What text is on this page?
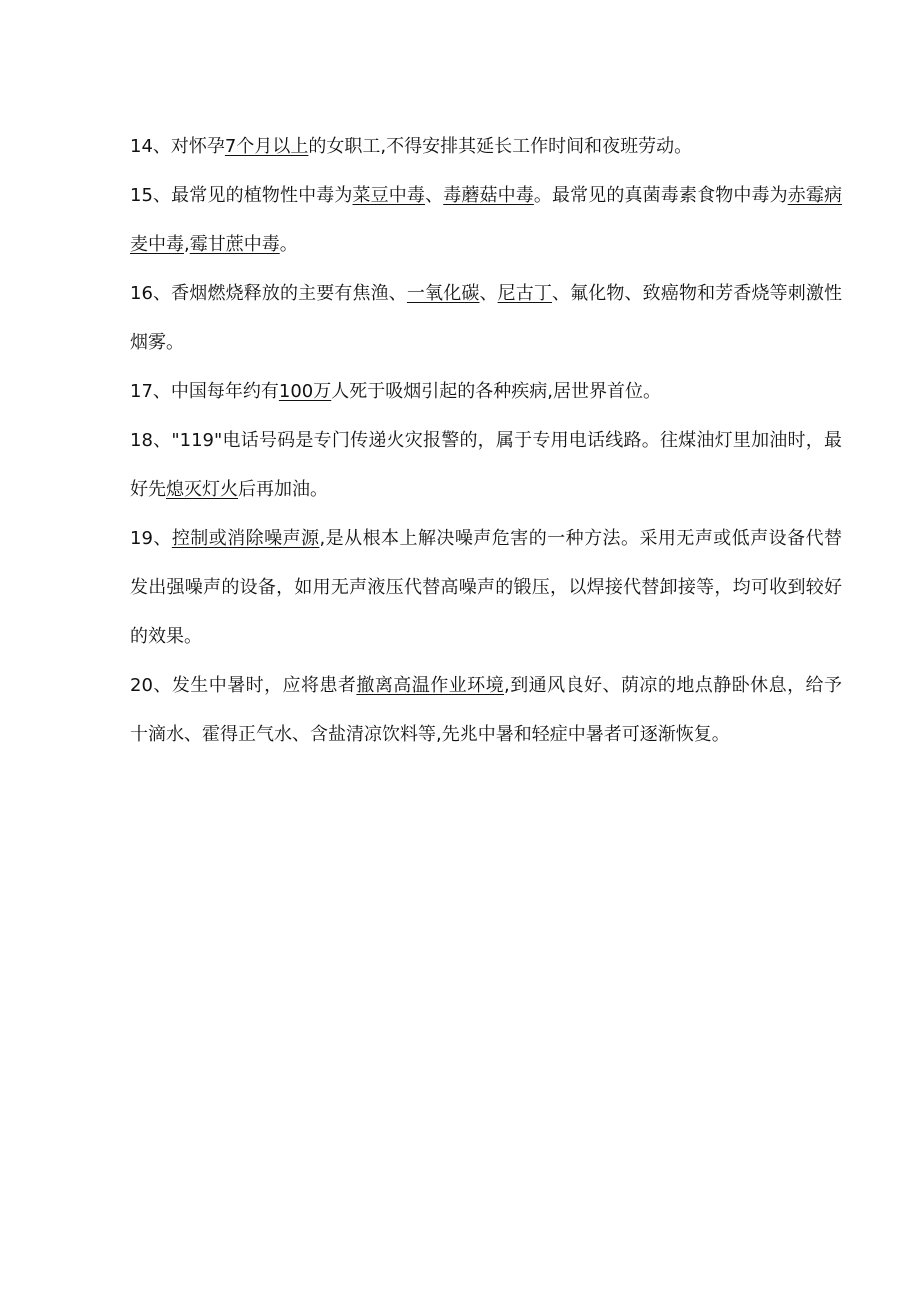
14、对怀孕7个月以上的女职工,不得安排其延长工作时间和夜班劳动。

15、最常见的植物性中毒为菜豆中毒、毒蘑菇中毒。最常见的真菌毒素食物中毒为赤霉病麦中毒,霉甘蔗中毒。

16、香烟燃烧释放的主要有焦渔、一氧化碳、尼古丁、氟化物、致癌物和芳香烧等刺激性烟雾。

17、中国每年约有100万人死于吸烟引起的各种疾病,居世界首位。

18、"119"电话号码是专门传递火灾报警的，属于专用电话线路。往煤油灯里加油时，最好先熄灭灯火后再加油。

19、控制或消除噪声源,是从根本上解决噪声危害的一种方法。采用无声或低声设备代替发出强噪声的设备，如用无声液压代替高噪声的锻压，以焊接代替卸接等，均可收到较好的效果。

20、发生中暑时，应将患者撤离高温作业环境,到通风良好、荫凉的地点静卧休息，给予十滴水、霍得正气水、含盐清凉饮料等,先兆中暑和轻症中暑者可逐渐恢复。
